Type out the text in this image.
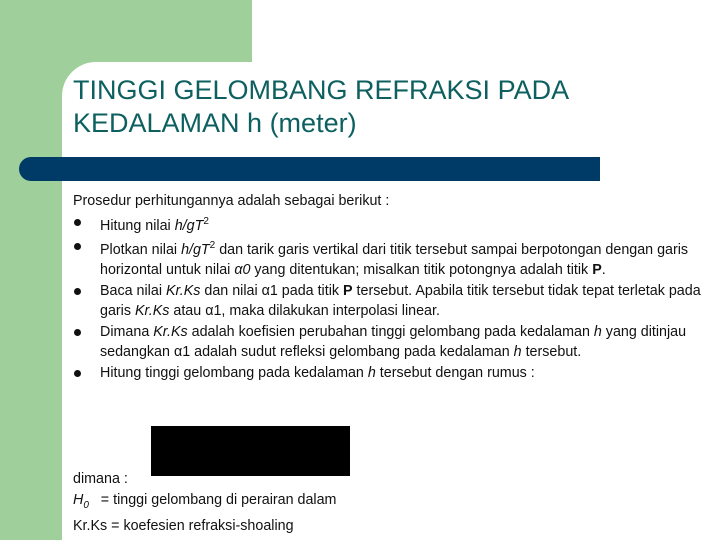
TINGGI GELOMBANG REFRAKSI PADA
KEDALAMAN h (meter)

Prosedur perhitungannya adalah sebagai berikut :

Hitung nilai $h/gT^2$
Plotkan nilai $h/gT^2$ dan tarik garis vertikal dari titik tersebut sampai berpotongan dengan garis horizontal untuk nilai α0 yang ditentukan; misalkan titik potongnya adalah titik P.
Baca nilai Kr.Ks dan nilai α1 pada titik P tersebut. Apabila titik tersebut tidak tepat terletak pada garis Kr.Ks atau α1, maka dilakukan interpolasi linear.
Dimana Kr.Ks adalah koefisien perubahan tinggi gelombang pada kedalaman h yang ditinjau sedangkan α1 adalah sudut refleksi gelombang pada kedalaman h tersebut.
Hitung tinggi gelombang pada kedalaman h tersebut dengan rumus :

dimana :

$H_0$   = tinggi gelombang di perairan dalam

Kr.Ks = koefesien refraksi-shoaling
